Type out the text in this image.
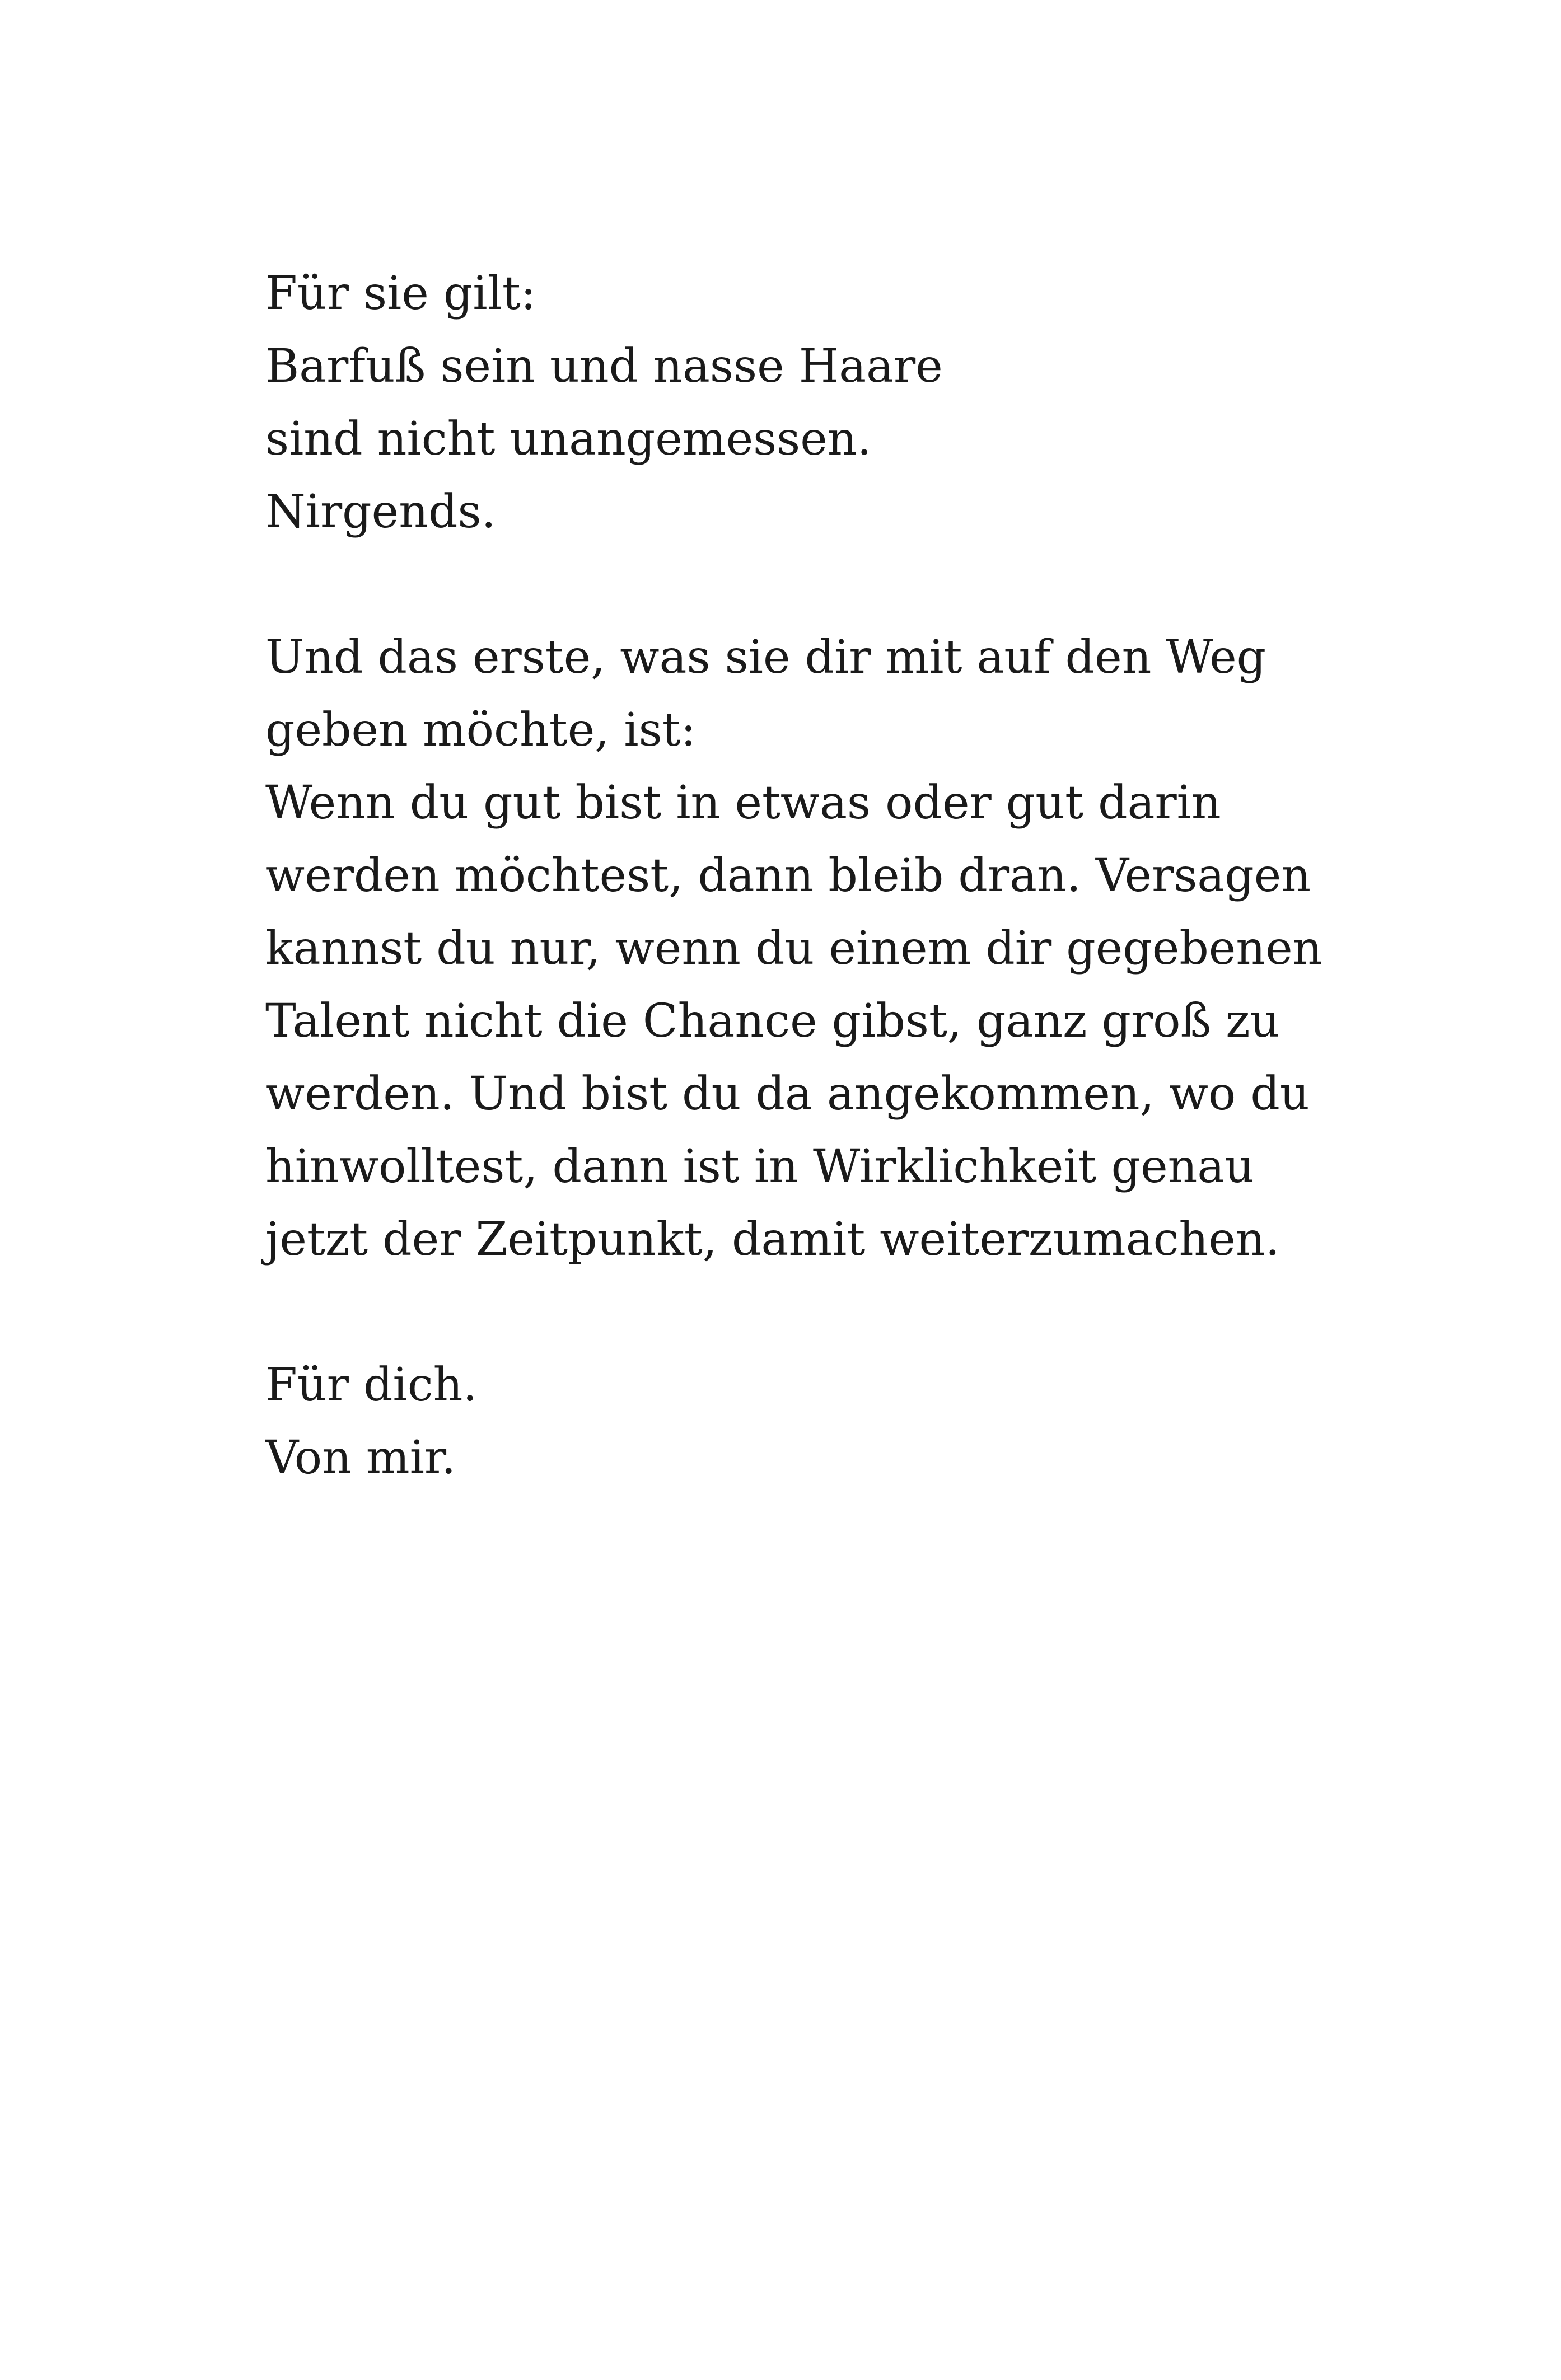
Für sie gilt:
Barfuß sein und nasse Haare
sind nicht unangemessen.
Nirgends.
Und das erste, was sie dir mit auf den Weg
geben möchte, ist:
Wenn du gut bist in etwas oder gut darin
werden möchtest, dann bleib dran. Versagen
kannst du nur, wenn du einem dir gegebenen
Talent nicht die Chance gibst, ganz groß zu
werden. Und bist du da angekommen, wo du
hinwolltest, dann ist in Wirklichkeit genau
jetzt der Zeitpunkt, damit weiterzumachen.
Für dich.
Von mir.
